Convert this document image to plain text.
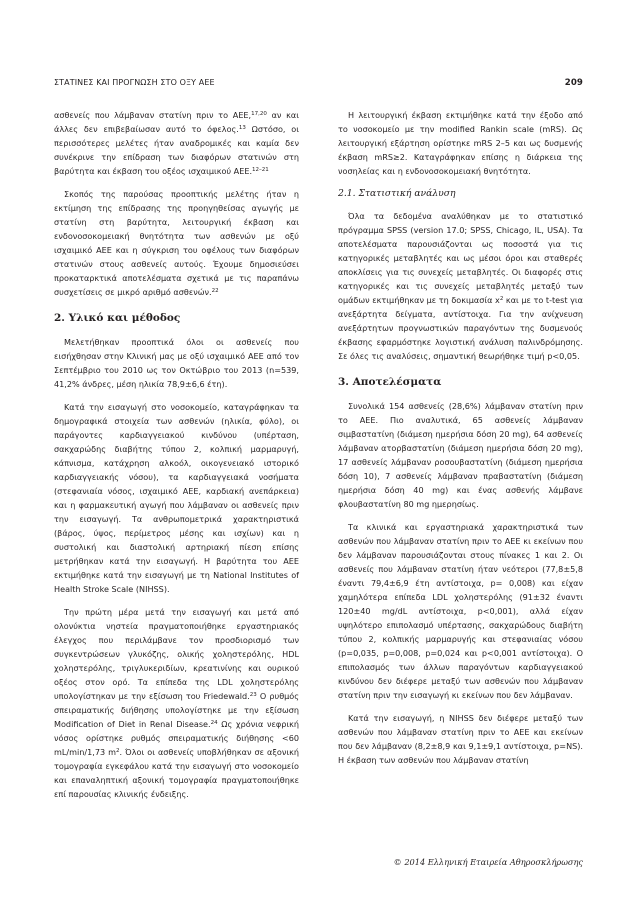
ΣΤΑΤΙΝΕΣ ΚΑΙ ΠΡΟΓΝΩΣΗ ΣΤΟ ΟΞΥ ΑΕΕ	209

ασθενείς που λάμβαναν στατίνη πριν το ΑΕΕ,$^{17,20}$ αν και άλλες δεν επιβεβαίωσαν αυτό το όφελος.$^{13}$ Ωστόσο, οι περισσότερες μελέτες ήταν αναδρομικές και καμία δεν συνέκρινε την επίδραση των διαφόρων στατινών στη βαρύτητα και έκβαση του οξέος ισχαιμικού ΑΕΕ.$^{12-21}$

Σκοπός της παρούσας προοπτικής μελέτης ήταν η εκτίμηση της επίδρασης της προηγηθείσας αγωγής με στατίνη στη βαρύτητα, λειτουργική έκβαση και ενδονοσοκομειακή θνητότητα των ασθενών με οξύ ισχαιμικό ΑΕΕ και η σύγκριση του οφέλους των διαφόρων στατινών στους ασθενείς αυτούς. Έχουμε δημοσιεύσει προκαταρκτικά αποτελέσματα σχετικά με τις παραπάνω συσχετίσεις σε μικρό αριθμό ασθενών.$^{22}$

2. Υλικό και μέθοδος

Μελετήθηκαν προοπτικά όλοι οι ασθενείς που εισήχθησαν στην Κλινική μας με οξύ ισχαιμικό ΑΕΕ από τον Σεπτέμβριο του 2010 ως τον Οκτώβριο του 2013 (n=539, 41,2% άνδρες, μέση ηλικία 78,9±6,6 έτη).

Κατά την εισαγωγή στο νοσοκομείο, καταγράφηκαν τα δημογραφικά στοιχεία των ασθενών (ηλικία, φύλο), οι παράγοντες καρδιαγγειακού κινδύνου (υπέρταση, σακχαρώδης διαβήτης τύπου 2, κολπική μαρμαρυγή, κάπνισμα, κατάχρηση αλκοόλ, οικογενειακό ιστορικό καρδιαγγειακής νόσου), τα καρδιαγγειακά νοσήματα (στεφανιαία νόσος, ισχαιμικό ΑΕΕ, καρδιακή ανεπάρκεια) και η φαρμακευτική αγωγή που λάμβαναν οι ασθενείς πριν την εισαγωγή. Τα ανθρωπομετρικά χαρακτηριστικά (βάρος, ύψος, περίμετρος μέσης και ισχίων) και η συστολική και διαστολική αρτηριακή πίεση επίσης μετρήθηκαν κατά την εισαγωγή. Η βαρύτητα του ΑΕΕ εκτιμήθηκε κατά την εισαγωγή με τη National Institutes of Health Stroke Scale (NIHSS).

Την πρώτη μέρα μετά την εισαγωγή και μετά από ολονύκτια νηστεία πραγματοποιήθηκε εργαστηριακός έλεγχος που περιλάμβανε τον προσδιορισμό των συγκεντρώσεων γλυκόζης, ολικής χοληστερόλης, HDL χοληστερόλης, τριγλυκεριδίων, κρεατινίνης και ουρικού οξέος στον ορό. Τα επίπεδα της LDL χοληστερόλης υπολογίστηκαν με την εξίσωση του Friedewald.$^{23}$ Ο ρυθμός σπειραματικής διήθησης υπολογίστηκε με την εξίσωση Modification of Diet in Renal Disease.$^{24}$ Ως χρόνια νεφρική νόσος ορίστηκε ρυθμός σπειραματικής διήθησης <60 mL/min/1,73 $m^2$. Όλοι οι ασθενείς υποβλήθηκαν σε αξονική τομογραφία εγκεφάλου κατά την εισαγωγή στο νοσοκομείο και επαναληπτική αξονική τομογραφία πραγματοποιήθηκε επί παρουσίας κλινικής ένδειξης.

Η λειτουργική έκβαση εκτιμήθηκε κατά την έξοδο από το νοσοκομείο με την modified Rankin scale (mRS). Ως λειτουργική εξάρτηση ορίστηκε mRS 2–5 και ως δυσμενής έκβαση mRS≥2. Καταγράφηκαν επίσης η διάρκεια της νοσηλείας και η ενδονοσοκομειακή θνητότητα.

2.1. Στατιστική ανάλυση

Όλα τα δεδομένα αναλύθηκαν με το στατιστικό πρόγραμμα SPSS (version 17.0; SPSS, Chicago, IL, USA). Τα αποτελέσματα παρουσιάζονται ως ποσοστά για τις κατηγορικές μεταβλητές και ως μέσοι όροι και σταθερές αποκλίσεις για τις συνεχείς μεταβλητές. Οι διαφορές στις κατηγορικές και τις συνεχείς μεταβλητές μεταξύ των ομάδων εκτιμήθηκαν με τη δοκιμασία $x^2$ και με το t-test για ανεξάρτητα δείγματα, αντίστοιχα. Για την ανίχνευση ανεξάρτητων προγνωστικών παραγόντων της δυσμενούς έκβασης εφαρμόστηκε λογιστική ανάλυση παλινδρόμησης. Σε όλες τις αναλύσεις, σημαντική θεωρήθηκε τιμή p<0,05.

3. Αποτελέσματα

Συνολικά 154 ασθενείς (28,6%) λάμβαναν στατίνη πριν το ΑΕΕ. Πιο αναλυτικά, 65 ασθενείς λάμβαναν σιμβαστατίνη (διάμεση ημερήσια δόση 20 mg), 64 ασθενείς λάμβαναν ατορβαστατίνη (διάμεση ημερήσια δόση 20 mg), 17 ασθενείς λάμβαναν ροσουβαστατίνη (διάμεση ημερήσια δόση 10), 7 ασθενείς λάμβαναν πραβαστατίνη (διάμεση ημερήσια δόση 40 mg) και ένας ασθενής λάμβανε φλουβαστατίνη 80 mg ημερησίως.

Τα κλινικά και εργαστηριακά χαρακτηριστικά των ασθενών που λάμβαναν στατίνη πριν το ΑΕΕ κι εκείνων που δεν λάμβαναν παρουσιάζονται στους πίνακες 1 και 2. Οι ασθενείς που λάμβαναν στατίνη ήταν νεότεροι (77,8±5,8 έναντι 79,4±6,9 έτη αντίστοιχα, p= 0,008) και είχαν χαμηλότερα επίπεδα LDL χοληστερόλης (91±32 έναντι 120±40 mg/dL αντίστοιχα, p<0,001), αλλά είχαν υψηλότερο επιπολασμό υπέρτασης, σακχαρώδους διαβήτη τύπου 2, κολπικής μαρμαρυγής και στεφανιαίας νόσου (p=0,035, p=0,008, p=0,024 και p<0,001 αντίστοιχα). Ο επιπολασμός των άλλων παραγόντων καρδιαγγειακού κινδύνου δεν διέφερε μεταξύ των ασθενών που λάμβαναν στατίνη πριν την εισαγωγή κι εκείνων που δεν λάμβαναν.

Κατά την εισαγωγή, η NIHSS δεν διέφερε μεταξύ των ασθενών που λάμβαναν στατίνη πριν το ΑΕΕ και εκείνων που δεν λάμβαναν (8,2±8,9 και 9,1±9,1 αντίστοιχα, p=NS). Η έκβαση των ασθενών που λάμβαναν στατίνη

© 2014 Ελληνική Εταιρεία Αθηροσκλήρωσης
